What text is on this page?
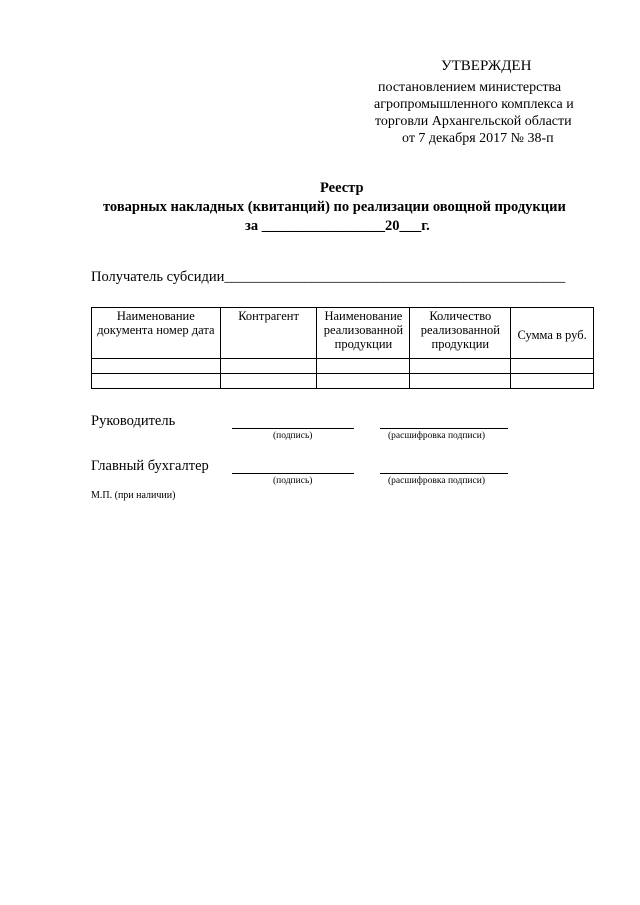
УТВЕРЖДЕН
постановлением министерства
агропромышленного комплекса и
торговли Архангельской области
от 7 декабря 2017 № 38-п
Реестр
товарных накладных (квитанций) по реализации овощной продукции
за _________________20___г.
Получатель субсидии_______________________________________________
Наименование документа номер дата	Контрагент	Наименование реализованной продукции	Количество реализованной продукции	Сумма в руб.

Руководитель
(подпись)	(расшифровка подписи)
Главный бухгалтер
(подпись)	(расшифровка подписи)
М.П. (при наличии)
